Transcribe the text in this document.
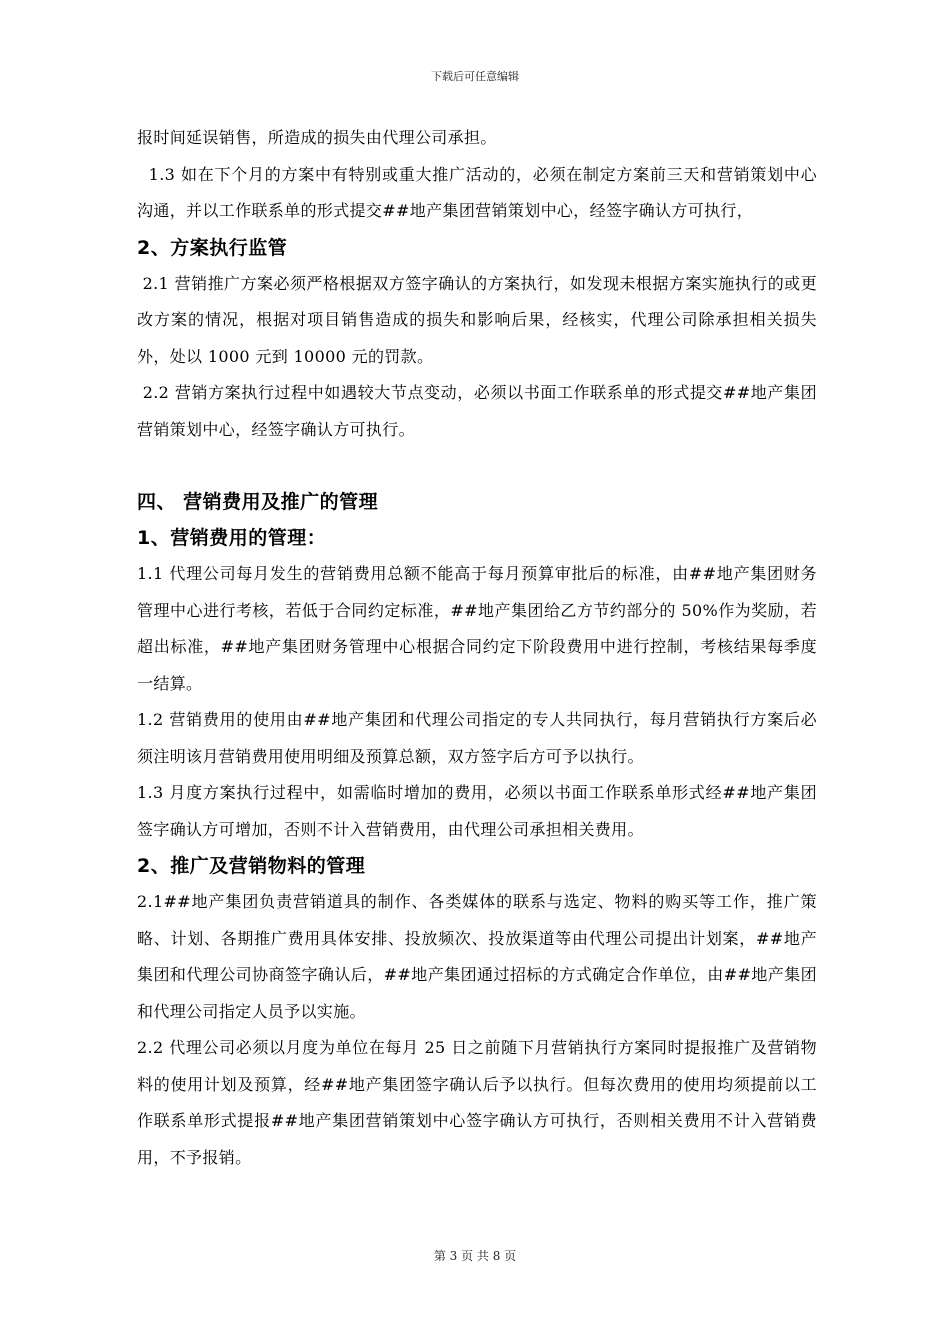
下载后可任意编辑

报时间延误销售，所造成的损失由代理公司承担。

1.3 如在下个月的方案中有特别或重大推广活动的，必须在制定方案前三天和营销策划中心沟通，并以工作联系单的形式提交##地产集团营销策划中心，经签字确认方可执行，

2、方案执行监管

2.1 营销推广方案必须严格根据双方签字确认的方案执行，如发现未根据方案实施执行的或更改方案的情况，根据对项目销售造成的损失和影响后果，经核实，代理公司除承担相关损失外，处以 1000 元到 10000 元的罚款。

2.2 营销方案执行过程中如遇较大节点变动，必须以书面工作联系单的形式提交##地产集团营销策划中心，经签字确认方可执行。

四、 营销费用及推广的管理

1、营销费用的管理：

1.1 代理公司每月发生的营销费用总额不能高于每月预算审批后的标准，由##地产集团财务管理中心进行考核，若低于合同约定标准，##地产集团给乙方节约部分的 50%作为奖励，若超出标准，##地产集团财务管理中心根据合同约定下阶段费用中进行控制，考核结果每季度一结算。

1.2 营销费用的使用由##地产集团和代理公司指定的专人共同执行，每月营销执行方案后必须注明该月营销费用使用明细及预算总额，双方签字后方可予以执行。

1.3 月度方案执行过程中，如需临时增加的费用，必须以书面工作联系单形式经##地产集团签字确认方可增加，否则不计入营销费用，由代理公司承担相关费用。

2、推广及营销物料的管理

2.1##地产集团负责营销道具的制作、各类媒体的联系与选定、物料的购买等工作，推广策略、计划、各期推广费用具体安排、投放频次、投放渠道等由代理公司提出计划案，##地产集团和代理公司协商签字确认后，##地产集团通过招标的方式确定合作单位，由##地产集团和代理公司指定人员予以实施。

2.2 代理公司必须以月度为单位在每月 25 日之前随下月营销执行方案同时提报推广及营销物料的使用计划及预算，经##地产集团签字确认后予以执行。但每次费用的使用均须提前以工作联系单形式提报##地产集团营销策划中心签字确认方可执行，否则相关费用不计入营销费用，不予报销。

第 3 页 共 8 页
